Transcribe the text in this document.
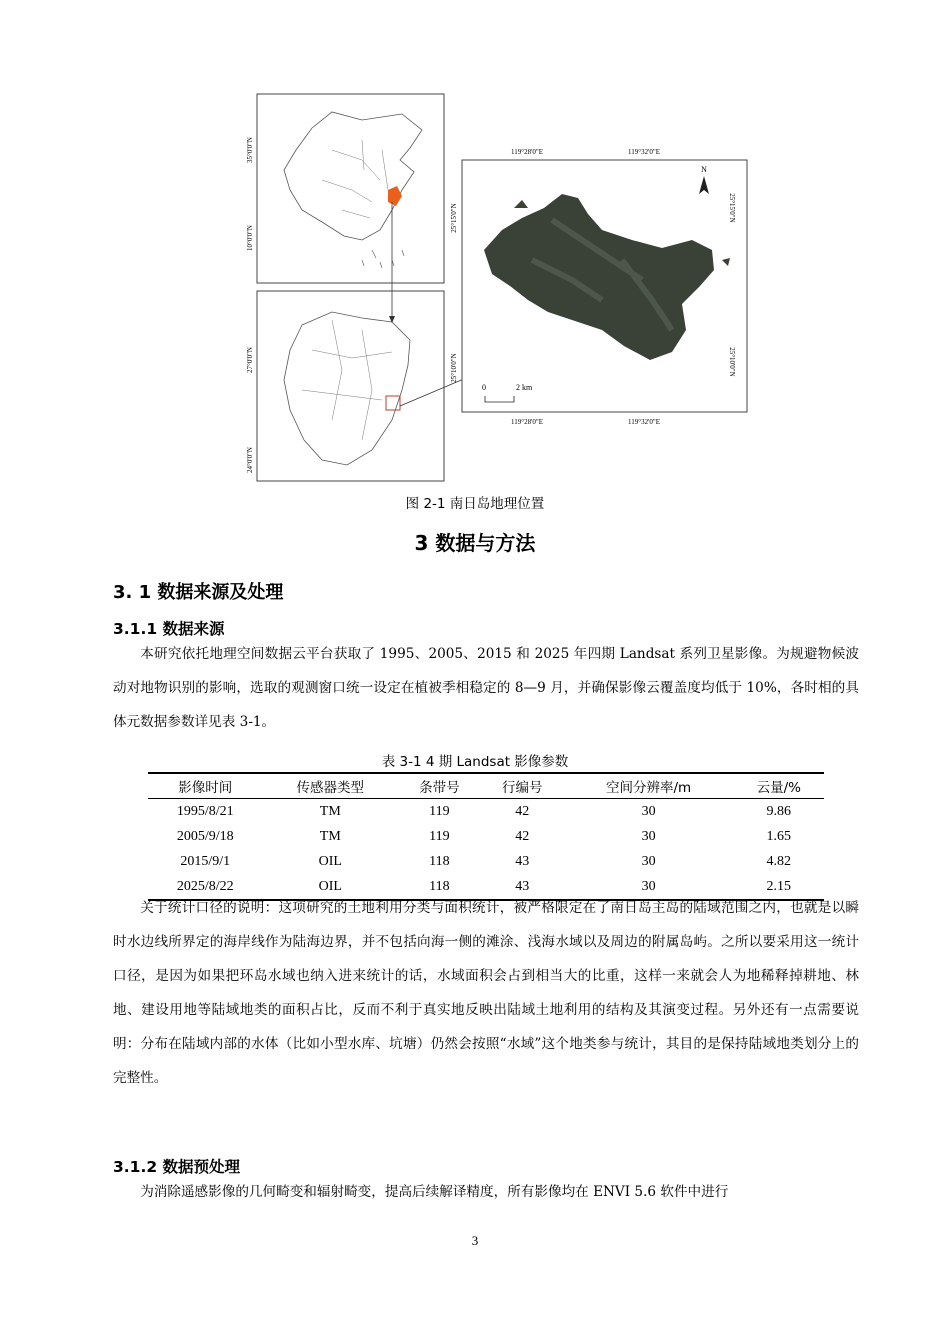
35°0'0"N
10°0'0"N
27°0'0"N
24°0'0"N
119°28'0"E	119°32'0"E
119°28'0"E	119°32'0"E
25°15'0"N
25°10'0"N
25°15'0"N
25°10'0"N
N
0	2 km
图 2-1 南日岛地理位置
3 数据与方法
3. 1 数据来源及处理
3.1.1 数据来源

本研究依托地理空间数据云平台获取了 1995、2005、2015 和 2025 年四期 Landsat 系列卫星影像。为规避物候波动对地物识别的影响，选取的观测窗口统一设定在植被季相稳定的 8—9 月，并确保影像云覆盖度均低于 10%，各时相的具体元数据参数详见表 3-1。

表 3-1 4 期 Landsat 影像参数
影像时间	传感器类型	条带号	行编号	空间分辨率/m	云量/%
1995/8/21	TM	119	42	30	9.86
2005/9/18	TM	119	42	30	1.65
2015/9/1	OIL	118	43	30	4.82
2025/8/22	OIL	118	43	30	2.15

关于统计口径的说明：这项研究的土地利用分类与面积统计，被严格限定在了南日岛主岛的陆域范围之内，也就是以瞬时水边线所界定的海岸线作为陆海边界，并不包括向海一侧的滩涂、浅海水域以及周边的附属岛屿。之所以要采用这一统计口径，是因为如果把环岛水域也纳入进来统计的话，水域面积会占到相当大的比重，这样一来就会人为地稀释掉耕地、林地、建设用地等陆域地类的面积占比，反而不利于真实地反映出陆域土地利用的结构及其演变过程。另外还有一点需要说明：分布在陆域内部的水体（比如小型水库、坑塘）仍然会按照“水域”这个地类参与统计，其目的是保持陆域地类划分上的完整性。

3.1.2 数据预处理

为消除遥感影像的几何畸变和辐射畸变，提高后续解译精度，所有影像均在 ENVI 5.6 软件中进行

3
